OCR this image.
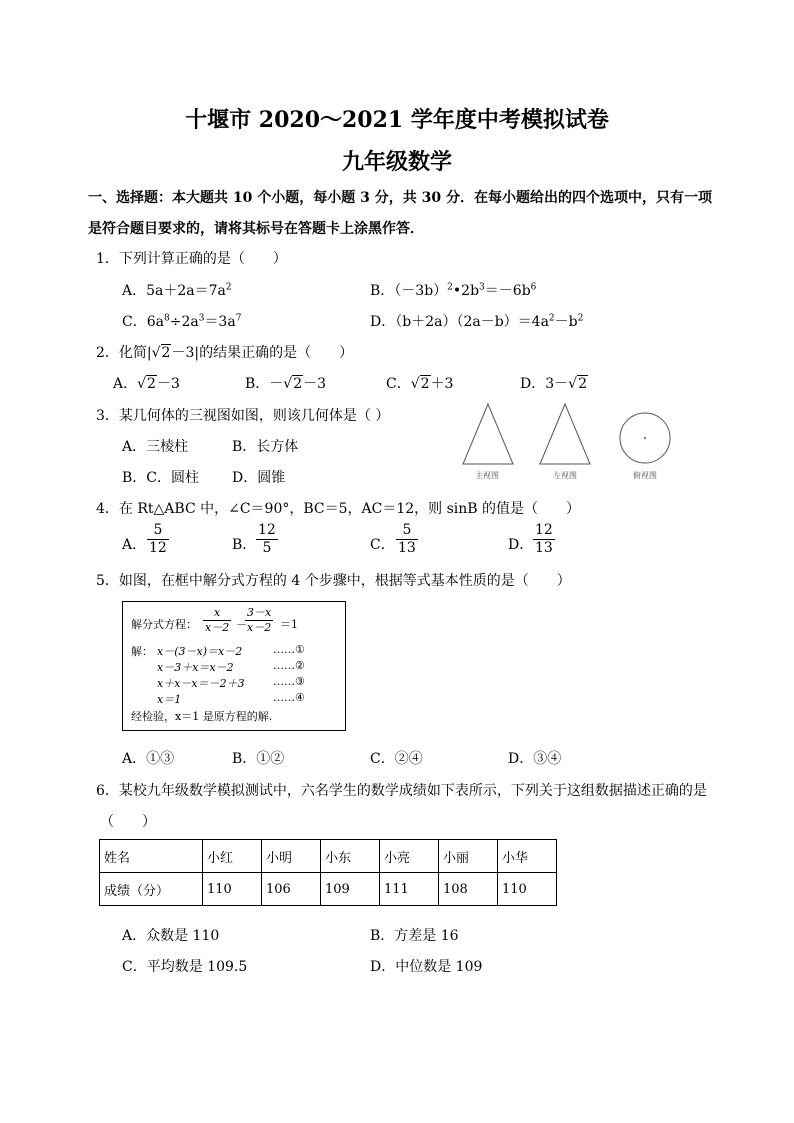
十堰市 2020～2021 学年度中考模拟试卷
九年级数学
一、选择题：本大题共 10 个小题，每小题 3 分，共 30 分．在每小题给出的四个选项中，只有一项
是符合题目要求的，请将其标号在答题卡上涂黑作答．
1．下列计算正确的是（　　）
A．$5a+2a=7a^2$	B．$(-3b)^2•2b^3=-6b^6$
C．$6a^8\div 2a^3=3a^7$	D．$(b+2a)(2a-b)=4a^2-b^2$
2．化简|√2－3|的结果正确的是（　　）
A．√2－3	B．－√2－3	C．√2＋3	D．3－√2
3．某几何体的三视图如图，则该几何体是（ ）
A．三棱柱	B．长方体
B．C．圆柱 D．圆锥	主视图	左视图	俯视图
4．在 Rt△ABC 中，∠C＝90°，BC＝5，AC＝12，则 sinB 的值是（　　）
A． $\frac{5}{12}$	B． $\frac{12}{5}$	C． $\frac{5}{13}$	D． $\frac{12}{13}$
5．如图，在框中解分式方程的 4 个步骤中，根据等式基本性质的是（　　）
解分式方程： $\frac{x}{x-2}$ －
$\frac{3-x}{x-2} =1$
解： x－(3－x)＝x－2	……①
x－3＋x＝x－2	……②
x＋x－x＝－2＋3	……③
x＝1	……④
经检验，x＝1 是原方程的解.
A．①③	B．①②	C．②④	D．③④
6．某校九年级数学模拟测试中，六名学生的数学成绩如下表所示，下列关于这组数据描述正确的是
（　　）
姓名	小红	小明	小东	小亮	小丽	小华
成绩（分）	110	106	109	111	108	110
A．众数是 110	B．方差是 16
C．平均数是 109.5	D．中位数是 109
